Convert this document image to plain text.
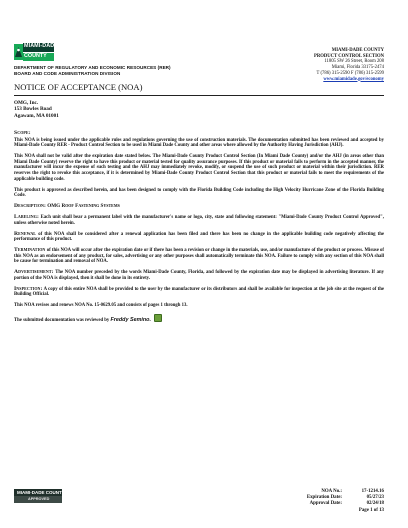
MIAMI-DADE
COUNTY
DEPARTMENT OF REGULATORY AND ECONOMIC RESOURCES (RER)
BOARD AND CODE ADMINISTRATION DIVISION
MIAMI-DADE COUNTY
PRODUCT CONTROL SECTION
11805 SW 26 Street, Room 208
Miami, Florida 33175-2474
T (786) 315-2590 F (786) 315-2599
www.miamidade.gov/economy
NOTICE OF ACCEPTANCE (NOA)
OMG, Inc.
153 Bowles Road
Agawam, MA 01001
Scope:

This NOA is being issued under the applicable rules and regulations governing the use of construction materials. The documentation submitted has been reviewed and accepted by Miami-Dade County RER - Product Control Section to be used in Miami Dade County and other areas where allowed by the Authority Having Jurisdiction (AHJ).

This NOA shall not be valid after the expiration date stated below. The Miami-Dade County Product Control Section (In Miami Dade County) and/or the AHJ (in areas other than Miami Dade County) reserve the right to have this product or material tested for quality assurance purposes. If this product or material fails to perform in the accepted manner, the manufacturer will incur the expense of such testing and the AHJ may immediately revoke, modify, or suspend the use of such product or material within their jurisdiction. RER reserves the right to revoke this acceptance, if it is determined by Miami-Dade County Product Control Section that this product or material fails to meet the requirements of the applicable building code.

This product is approved as described herein, and has been designed to comply with the Florida Building Code including the High Velocity Hurricane Zone of the Florida Building Code.

Description: OMG Roof Fastening Systems

Labeling: Each unit shall bear a permanent label with the manufacturer's name or logo, city, state and following statement: "Miami-Dade County Product Control Approved", unless otherwise noted herein.

Renewal of this NOA shall be considered after a renewal application has been filed and there has been no change in the applicable building code negatively affecting the performance of this product.

Termination of this NOA will occur after the expiration date or if there has been a revision or change in the materials, use, and/or manufacture of the product or process. Misuse of this NOA as an endorsement of any product, for sales, advertising or any other purposes shall automatically terminate this NOA. Failure to comply with any section of this NOA shall be cause for termination and removal of NOA.

Advertisement: The NOA number preceded by the words Miami-Dade County, Florida, and followed by the expiration date may be displayed in advertising literature. If any portion of the NOA is displayed, then it shall be done in its entirety.

Inspection: A copy of this entire NOA shall be provided to the user by the manufacturer or its distributors and shall be available for inspection at the job site at the request of the Building Official.

This NOA revises and renews NOA No. 15-0629.05 and consists of pages 1 through 13.

The submitted documentation was reviewed by Freddy Semino.

MIAMI-DADE COUNTY
APPROVED
NOA No.:	17-1214.16
Expiration Date:	05/27/23
Approval Date:	02/24/18
Page 1 of 13
